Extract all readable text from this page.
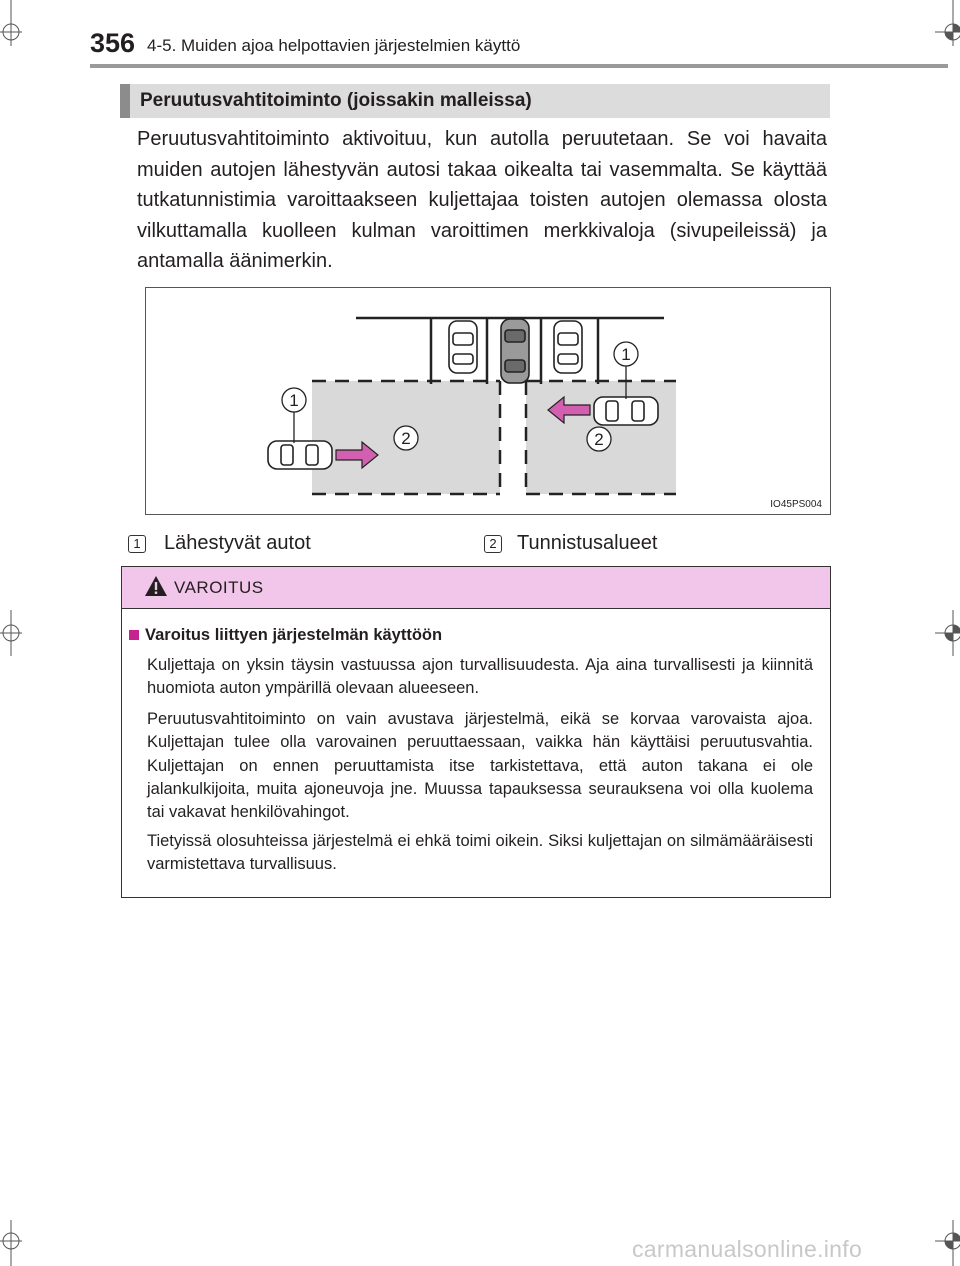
356 4-5. Muiden ajoa helpottavien järjestelmien käyttö
Peruutusvahtitoiminto (joissakin malleissa)
Peruutusvahtitoiminto aktivoituu, kun autolla peruutetaan. Se voi havaita muiden autojen lähestyvän autosi takaa oikealta tai vasemmalta. Se käyttää tutkatunnistimia varoittaakseen kuljettajaa toisten autojen olemassa olosta vilkuttamalla kuolleen kulman varoittimen merkkivaloja (sivupeileissä) ja antamalla äänimerkin.
1
2	2
1
IO45PS004
1 Lähestyvät autot	2 Tunnistusalueet
VAROITUS
Varoitus liittyen järjestelmän käyttöön
Kuljettaja on yksin täysin vastuussa ajon turvallisuudesta. Aja aina turvallisesti ja kiinnitä huomiota auton ympärillä olevaan alueeseen.
Peruutusvahtitoiminto on vain avustava järjestelmä, eikä se korvaa varovaista ajoa. Kuljettajan tulee olla varovainen peruuttaessaan, vaikka hän käyttäisi peruutusvahtia. Kuljettajan on ennen peruuttamista itse tarkistettava, että auton takana ei ole jalankulkijoita, muita ajoneuvoja jne. Muussa tapauksessa seurauksena voi olla kuolema tai vakavat henkilövahingot.
Tietyissä olosuhteissa järjestelmä ei ehkä toimi oikein. Siksi kuljettajan on silmämääräisesti varmistettava turvallisuus.
carmanualsonline.info
